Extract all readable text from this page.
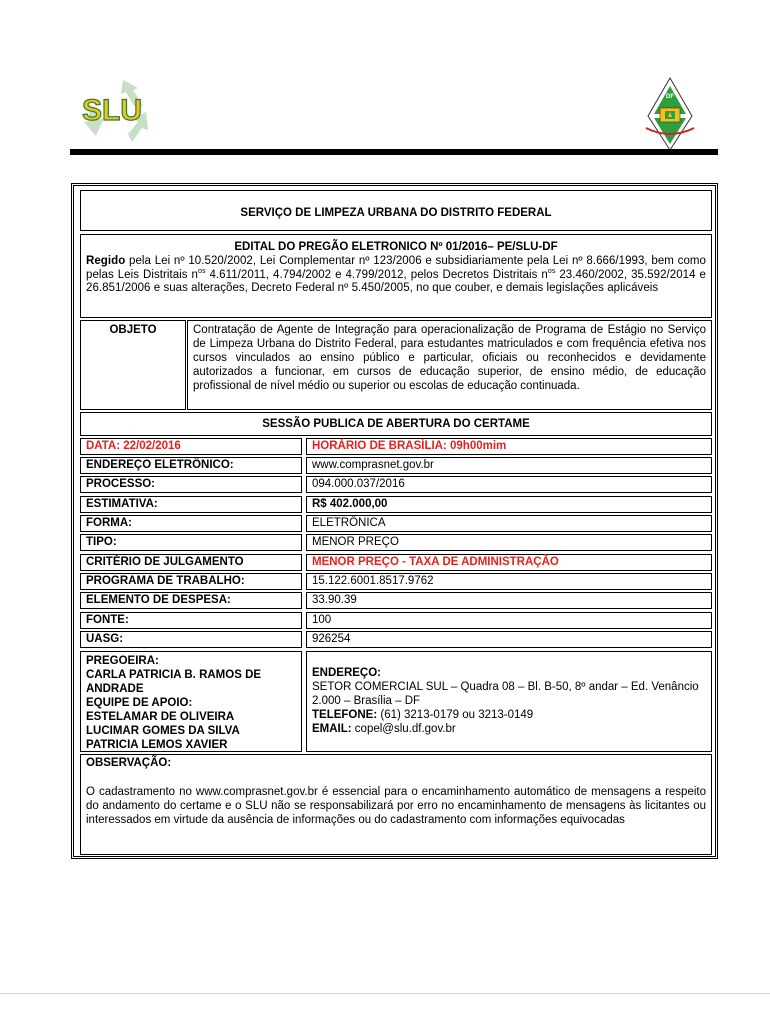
SLU	DF
SERVIÇO DE LIMPEZA URBANA DO DISTRITO FEDERAL
EDITAL DO PREGÃO ELETRONICO Nº 01/2016– PE/SLU-DF
Regido pela Lei nº 10.520/2002, Lei Complementar nº 123/2006 e subsidiariamente pela Lei nº 8.666/1993, bem como pelas Leis Distritais $n^{os}$ 4.611/2011, 4.794/2002 e 4.799/2012, pelos Decretos Distritais $n^{os}$ 23.460/2002, 35.592/2014 e 26.851/2006 e suas alterações, Decreto Federal nº 5.450/2005, no que couber, e demais legislações aplicáveis
OBJETO	Contratação de Agente de Integração para operacionalização de Programa de Estágio no Serviço de Limpeza Urbana do Distrito Federal, para estudantes matriculados e com frequência efetiva nos cursos vinculados ao ensino público e particular, oficiais ou reconhecidos e devidamente autorizados a funcionar, em cursos de educação superior, de ensino médio, de educação profissional de nível médio ou superior ou escolas de educação continuada.
SESSÃO PUBLICA DE ABERTURA DO CERTAME
DATA: 22/02/2016	HORÁRIO DE BRASÍLIA: 09h00mim
ENDEREÇO ELETRÔNICO:	www.comprasnet.gov.br
PROCESSO:	094.000.037/2016
ESTIMATIVA:	R$ 402.000,00
FORMA:	ELETRÔNICA
TIPO:	MENOR PREÇO
CRITÉRIO DE JULGAMENTO	MENOR PREÇO - TAXA DE ADMINISTRAÇÃO
PROGRAMA DE TRABALHO:	15.122.6001.8517.9762
ELEMENTO DE DESPESA:	33.90.39
FONTE:	100
UASG:	926254
PREGOEIRA:
CARLA PATRICIA B. RAMOS DE ANDRADE
EQUIPE DE APOIO:
ESTELAMAR DE OLIVEIRA
LUCIMAR GOMES DA SILVA
PATRICIA LEMOS XAVIER
ENDEREÇO:
SETOR COMERCIAL SUL – Quadra 08 – Bl. B-50, 8º andar – Ed. Venâncio 2.000 – Brasília – DF
TELEFONE: (61) 3213-0179 ou 3213-0149
EMAIL: copel@slu.df.gov.br
OBSERVAÇÃO:
O cadastramento no www.comprasnet.gov.br é essencial para o encaminhamento automático de mensagens a respeito do andamento do certame e o SLU não se responsabilizará por erro no encaminhamento de mensagens às licitantes ou interessados em virtude da ausência de informações ou do cadastramento com informações equivocadas
